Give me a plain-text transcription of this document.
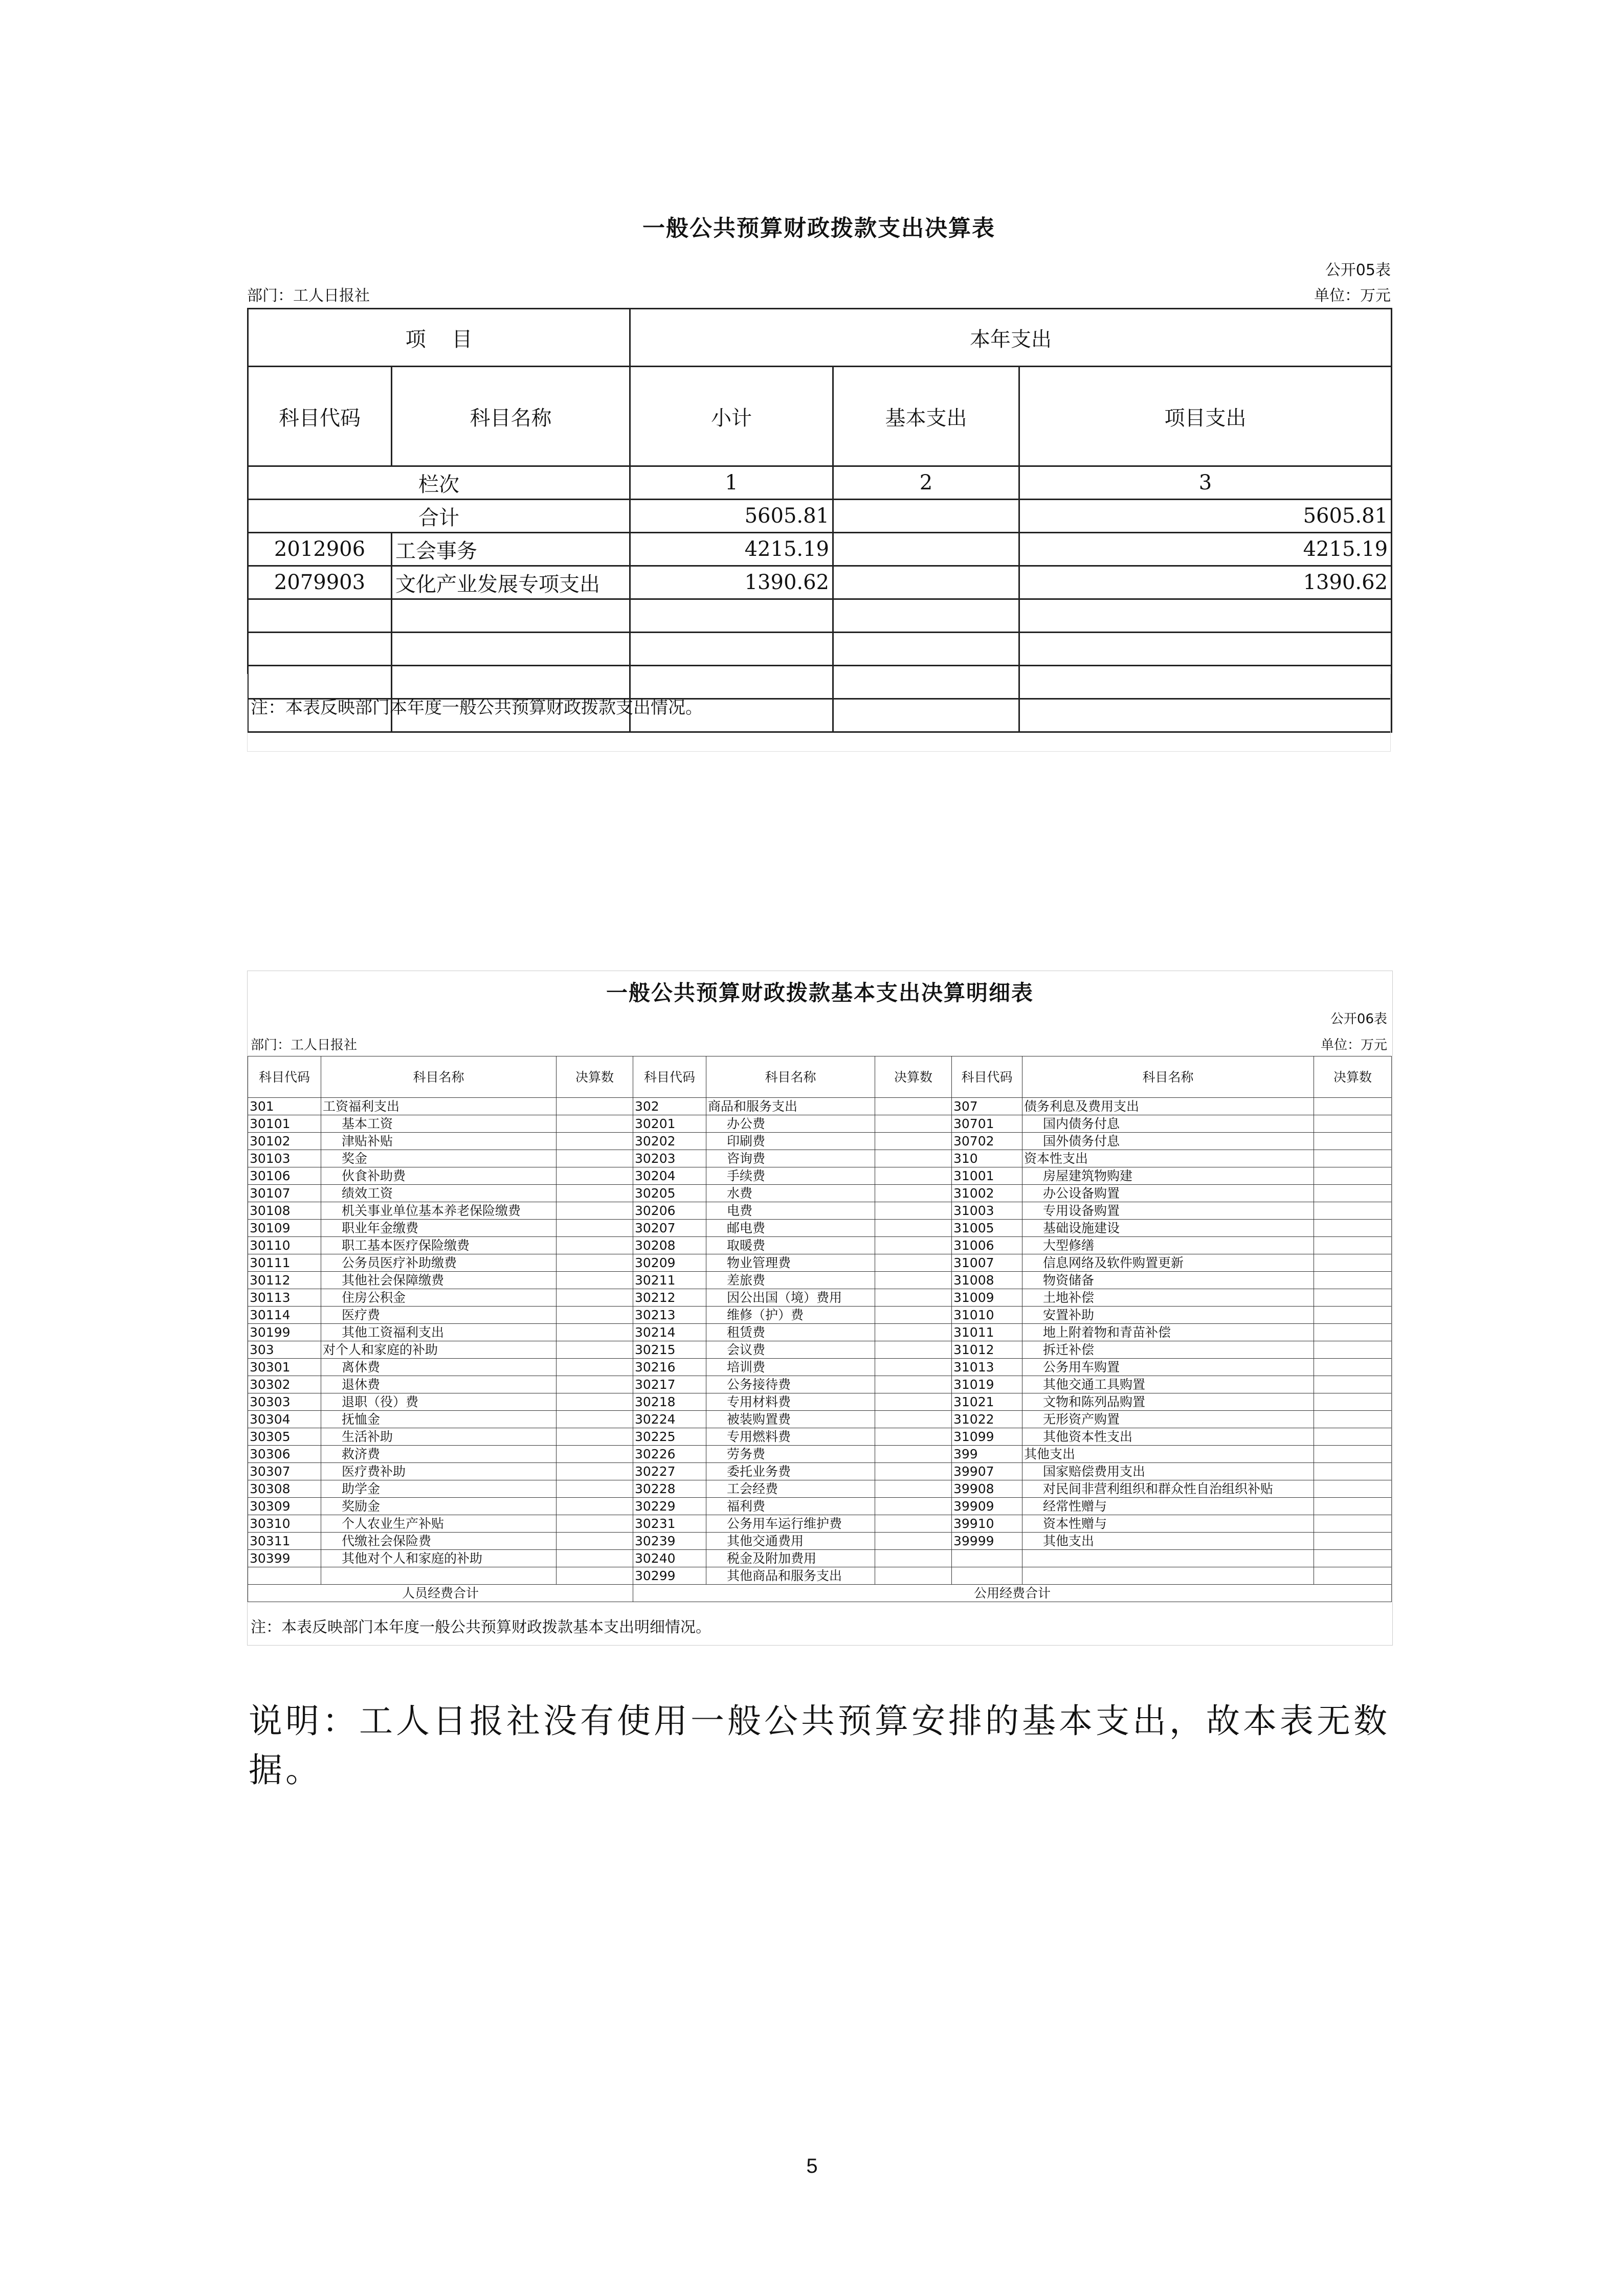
一般公共预算财政拨款支出决算表
公开05表
部门：工人日报社	单位：万元
项    目		本年支出		
科目代码	科目名称	小计	基本支出	项目支出
栏次		1	2	3
合计		5605.81		5605.81
2012906	工会事务	4215.19		4215.19
2079903	文化产业发展专项支出	1390.62		1390.62

注：本表反映部门本年度一般公共预算财政拨款支出情况。
一般公共预算财政拨款基本支出决算明细表
公开06表
部门：工人日报社	单位：万元
科目代码	科目名称	决算数	科目代码	科目名称	决算数	科目代码	科目名称	决算数
301	工资福利支出		302	商品和服务支出		307	债务利息及费用支出	
30101	基本工资		30201	办公费		30701	国内债务付息	
30102	津贴补贴		30202	印刷费		30702	国外债务付息	
30103	奖金		30203	咨询费		310	资本性支出	
30106	伙食补助费		30204	手续费		31001	房屋建筑物购建	
30107	绩效工资		30205	水费		31002	办公设备购置	
30108	机关事业单位基本养老保险缴费		30206	电费		31003	专用设备购置	
30109	职业年金缴费		30207	邮电费		31005	基础设施建设	
30110	职工基本医疗保险缴费		30208	取暖费		31006	大型修缮	
30111	公务员医疗补助缴费		30209	物业管理费		31007	信息网络及软件购置更新	
30112	其他社会保障缴费		30211	差旅费		31008	物资储备	
30113	住房公积金		30212	因公出国（境）费用		31009	土地补偿	
30114	医疗费		30213	维修（护）费		31010	安置补助	
30199	其他工资福利支出		30214	租赁费		31011	地上附着物和青苗补偿	
303	对个人和家庭的补助		30215	会议费		31012	拆迁补偿	
30301	离休费		30216	培训费		31013	公务用车购置	
30302	退休费		30217	公务接待费		31019	其他交通工具购置	
30303	退职（役）费		30218	专用材料费		31021	文物和陈列品购置	
30304	抚恤金		30224	被装购置费		31022	无形资产购置	
30305	生活补助		30225	专用燃料费		31099	其他资本性支出	
30306	救济费		30226	劳务费		399	其他支出	
30307	医疗费补助		30227	委托业务费		39907	国家赔偿费用支出	
30308	助学金		30228	工会经费		39908	对民间非营利组织和群众性自治组织补贴	
30309	奖励金		30229	福利费		39909	经常性赠与	
30310	个人农业生产补贴		30231	公务用车运行维护费		39910	资本性赠与	
30311	代缴社会保险费		30239	其他交通费用		39999	其他支出	
30399	其他对个人和家庭的补助		30240	税金及附加费用				
			30299	其他商品和服务支出				
人员经费合计			公用经费合计					
注：本表反映部门本年度一般公共预算财政拨款基本支出明细情况。
说明：工人日报社没有使用一般公共预算安排的基本支出，故本表无数据。
5
